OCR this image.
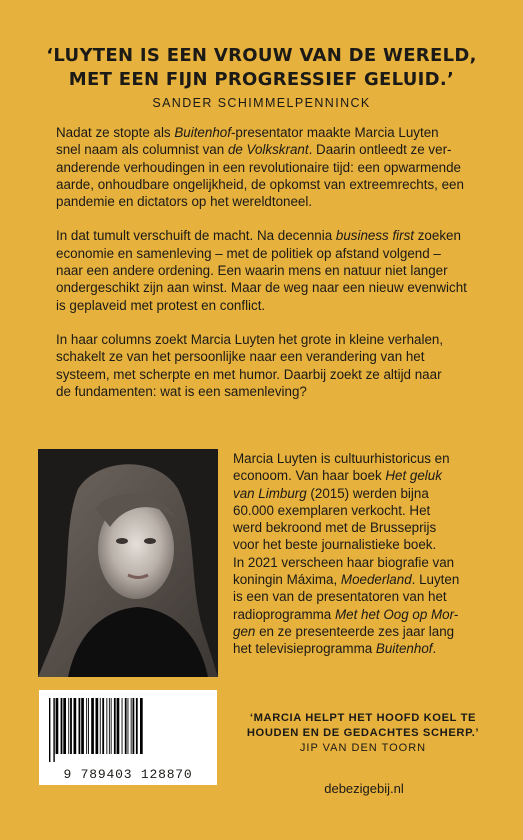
‘LUYTEN IS EEN VROUW VAN DE WERELD,
MET EEN FIJN PROGRESSIEF GELUID.’
SANDER SCHIMMELPENNINCK

Nadat ze stopte als Buitenhof-presentator maakte Marcia Luyten
snel naam als columnist van de Volkskrant. Daarin ontleedt ze ver-
anderende verhoudingen in een revolutionaire tijd: een opwarmende
aarde, onhoudbare ongelijkheid, de opkomst van extreemrechts, een
pandemie en dictators op het wereldtoneel.

In dat tumult verschuift de macht. Na decennia business first zoeken
economie en samenleving – met de politiek op afstand volgend –
naar een andere ordening. Een waarin mens en natuur niet langer
ondergeschikt zijn aan winst. Maar de weg naar een nieuw evenwicht
is geplaveid met protest en conflict.

In haar columns zoekt Marcia Luyten het grote in kleine verhalen,
schakelt ze van het persoonlijke naar een verandering van het
systeem, met scherpte en met humor. Daarbij zoekt ze altijd naar
de fundamenten: wat is een samenleving?

Marcia Luyten is cultuurhistoricus en
econoom. Van haar boek Het geluk
van Limburg (2015) werden bijna
60.000 exemplaren verkocht. Het
werd bekroond met de Brusseprijs
voor het beste journalistieke boek.
In 2021 verscheen haar biografie van
koningin Máxima, Moederland. Luyten
is een van de presentatoren van het
radioprogramma Met het Oog op Mor-
gen en ze presenteerde zes jaar lang
het televisieprogramma Buitenhof.
9 789403 128870
‘MARCIA HELPT HET HOOFD KOEL TE
HOUDEN EN DE GEDACHTES SCHERP.’
JIP VAN DEN TOORN
debezigebij.nl
